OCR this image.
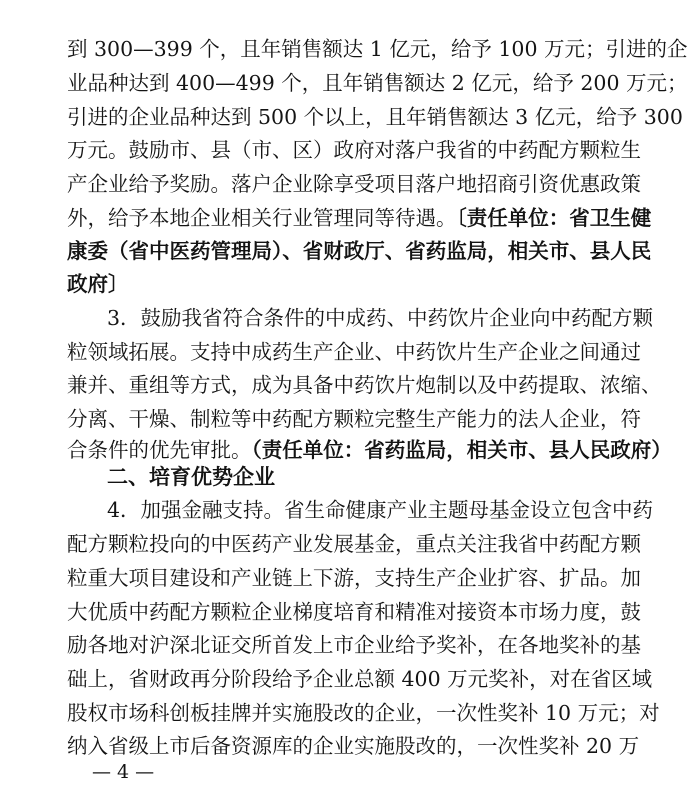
到 300—399 个，且年销售额达 1 亿元，给予 100 万元；引进的企
业品种达到 400—499 个，且年销售额达 2 亿元，给予 200 万元；
引进的企业品种达到 500 个以上，且年销售额达 3 亿元，给予 300
万元。鼓励市、县（市、区）政府对落户我省的中药配方颗粒生
产企业给予奖励。落户企业除享受项目落户地招商引资优惠政策
外，给予本地企业相关行业管理同等待遇。〔责任单位：省卫生健
康委（省中医药管理局）、省财政厅、省药监局，相关市、县人民
政府〕
3．鼓励我省符合条件的中成药、中药饮片企业向中药配方颗
粒领域拓展。支持中成药生产企业、中药饮片生产企业之间通过
兼并、重组等方式，成为具备中药饮片炮制以及中药提取、浓缩、
分离、干燥、制粒等中药配方颗粒完整生产能力的法人企业，符
合条件的优先审批。（责任单位：省药监局，相关市、县人民政府）
二、培育优势企业
4．加强金融支持。省生命健康产业主题母基金设立包含中药
配方颗粒投向的中医药产业发展基金，重点关注我省中药配方颗
粒重大项目建设和产业链上下游，支持生产企业扩容、扩品。加
大优质中药配方颗粒企业梯度培育和精准对接资本市场力度，鼓
励各地对沪深北证交所首发上市企业给予奖补，在各地奖补的基
础上，省财政再分阶段给予企业总额 400 万元奖补，对在省区域
股权市场科创板挂牌并实施股改的企业，一次性奖补 10 万元；对
纳入省级上市后备资源库的企业实施股改的，一次性奖补 20 万
— 4 —
